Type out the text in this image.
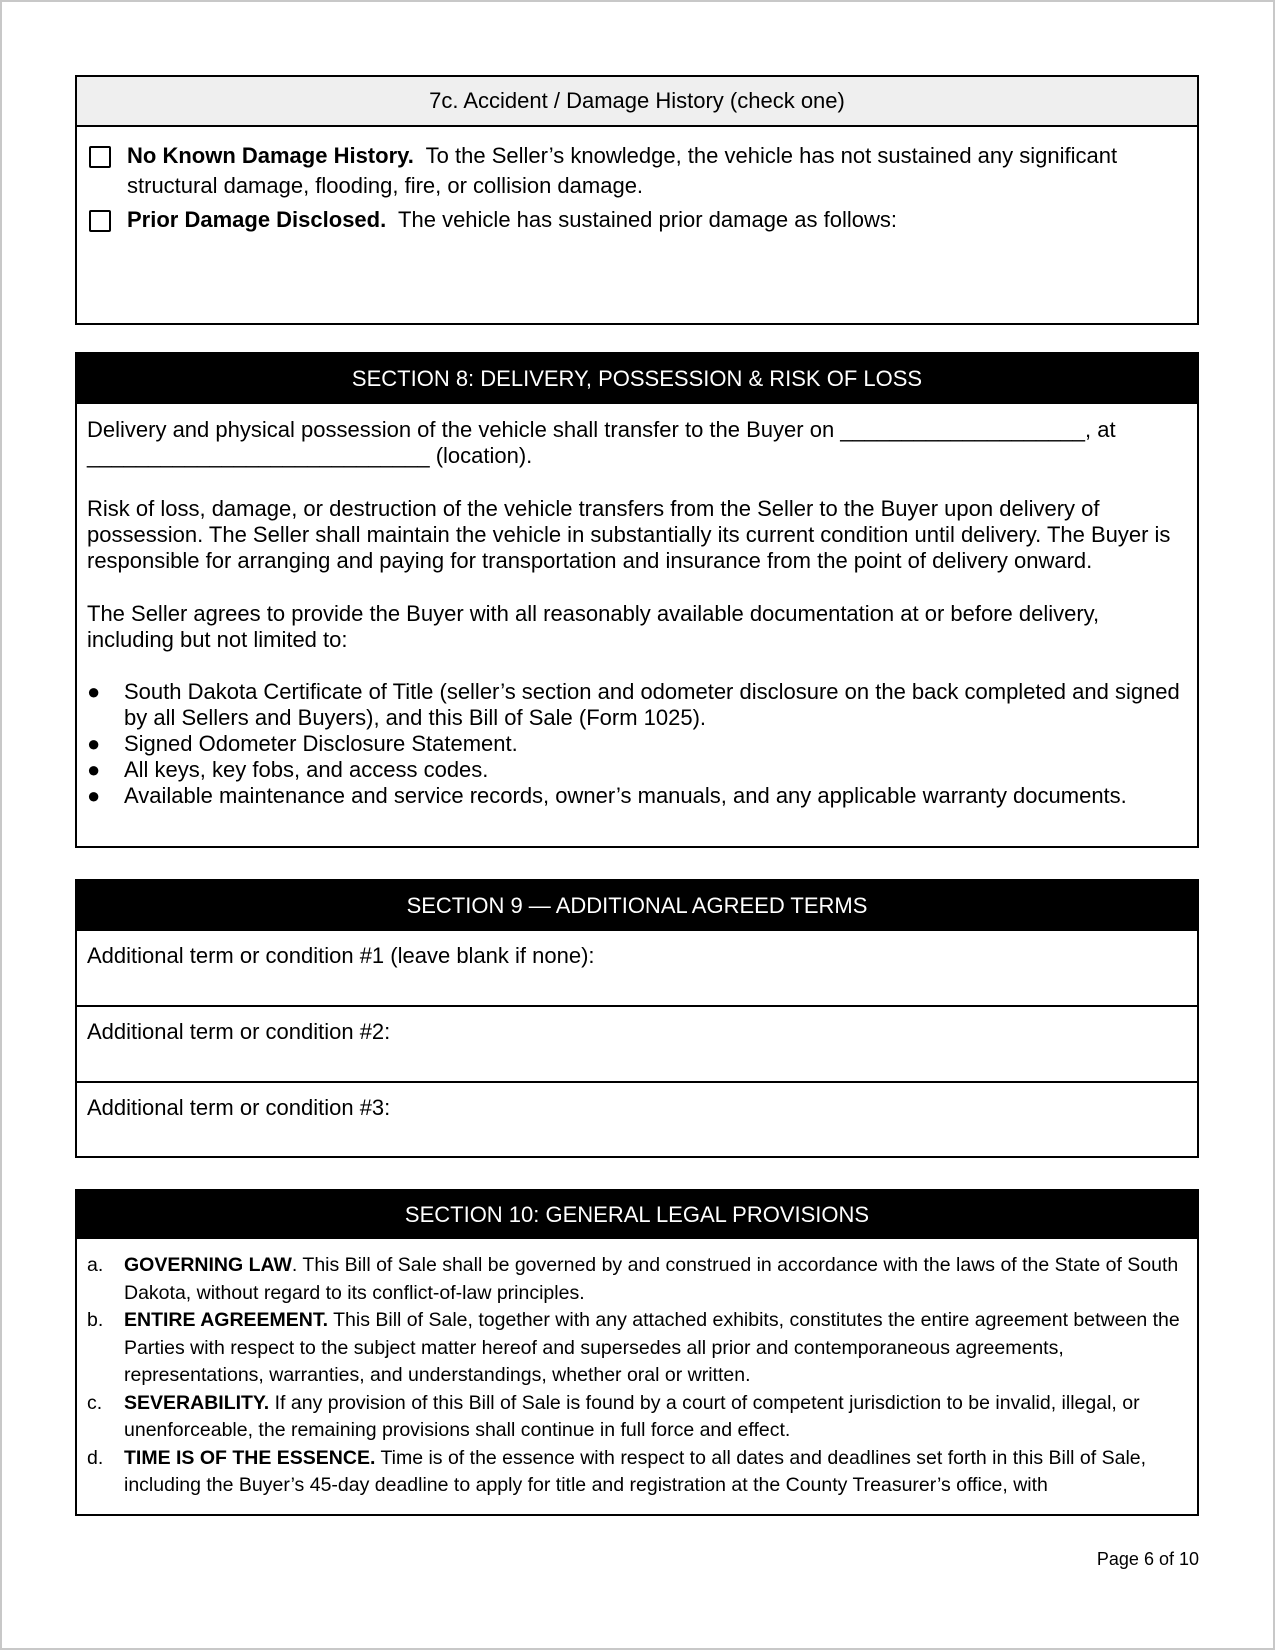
7c. Accident / Damage History (check one)
No Known Damage History.  To the Seller’s knowledge, the vehicle has not sustained any significant structural damage, flooding, fire, or collision damage.
Prior Damage Disclosed.  The vehicle has sustained prior damage as follows:
SECTION 8: DELIVERY, POSSESSION & RISK OF LOSS

Delivery and physical possession of the vehicle shall transfer to the Buyer on ____________________, at

____________________________ (location).

Risk of loss, damage, or destruction of the vehicle transfers from the Seller to the Buyer upon delivery of possession. The Seller shall maintain the vehicle in substantially its current condition until delivery. The Buyer is responsible for arranging and paying for transportation and insurance from the point of delivery onward.

The Seller agrees to provide the Buyer with all reasonably available documentation at or before delivery, including but not limited to:

●	South Dakota Certificate of Title (seller’s section and odometer disclosure on the back completed and signed by all Sellers and Buyers), and this Bill of Sale (Form 1025).
●	Signed Odometer Disclosure Statement.
●	All keys, key fobs, and access codes.
●	Available maintenance and service records, owner’s manuals, and any applicable warranty documents.
SECTION 9 — ADDITIONAL AGREED TERMS
Additional term or condition #1 (leave blank if none):
Additional term or condition #2:
Additional term or condition #3:
SECTION 10: GENERAL LEGAL PROVISIONS
a.	GOVERNING LAW. This Bill of Sale shall be governed by and construed in accordance with the laws of the State of South Dakota, without regard to its conflict-of-law principles.
b.	ENTIRE AGREEMENT. This Bill of Sale, together with any attached exhibits, constitutes the entire agreement between the Parties with respect to the subject matter hereof and supersedes all prior and contemporaneous agreements, representations, warranties, and understandings, whether oral or written.
c.	SEVERABILITY. If any provision of this Bill of Sale is found by a court of competent jurisdiction to be invalid, illegal, or unenforceable, the remaining provisions shall continue in full force and effect.
d.	TIME IS OF THE ESSENCE. Time is of the essence with respect to all dates and deadlines set forth in this Bill of Sale, including the Buyer’s 45-day deadline to apply for title and registration at the County Treasurer’s office, with
Page 6 of 10
